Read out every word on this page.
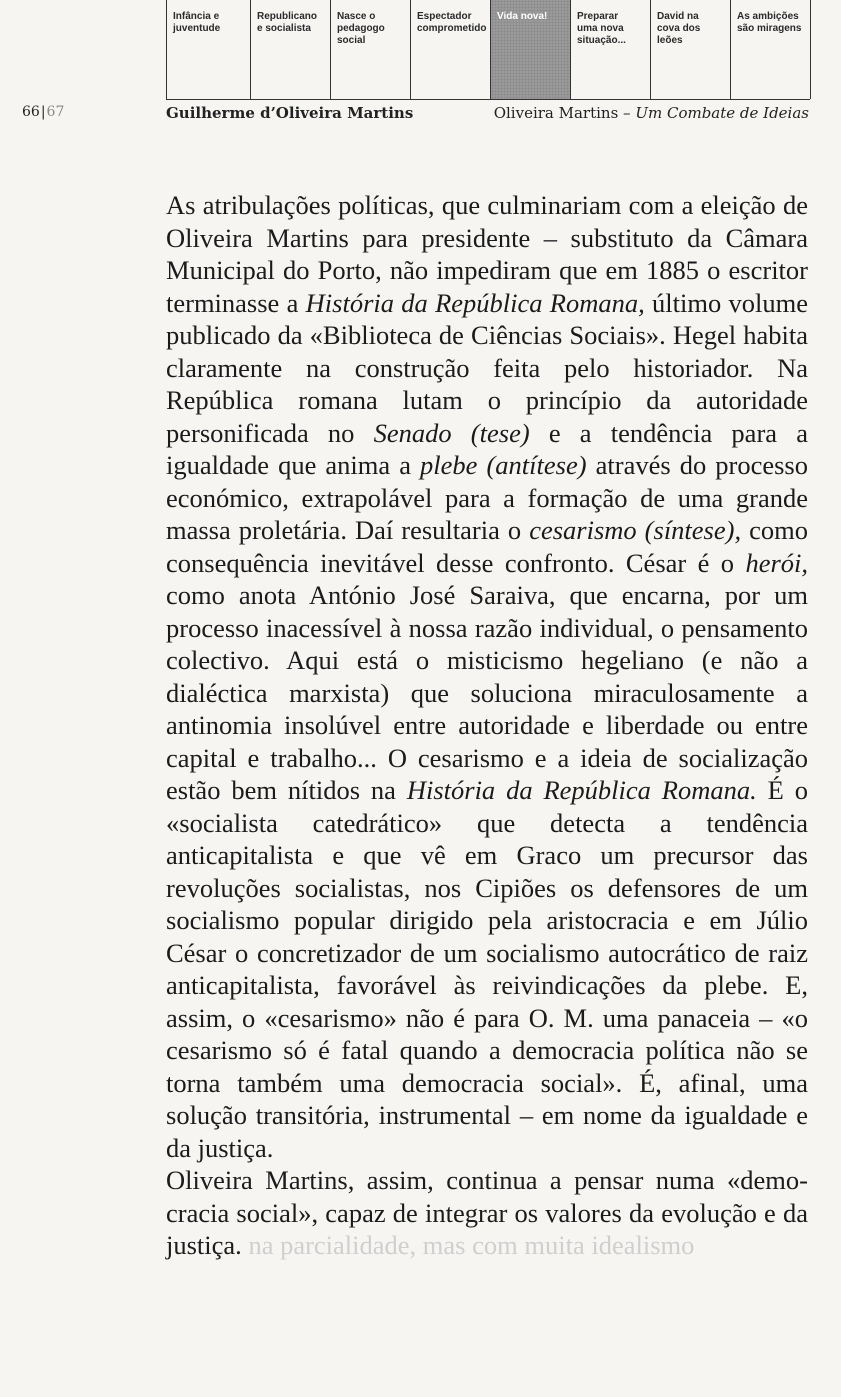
Infância e
juventude
Republicano
e socialista
Nasce o
pedagogo
social
Espectador
comprometido
Vida nova!	Preparar
uma nova
situação...
David na
cova dos
leões
As ambições
são miragens
66|67	Guilherme d’Oliveira Martins	Oliveira Martins – Um Combate de Ideias

As atribulações políticas, que culminariam com a eleição de Oliveira Martins para presidente – substituto da Câmara Municipal do Porto, não impediram que em 1885 o escritor terminasse a História da República Romana, último volume publicado da «Biblioteca de Ciências Sociais». Hegel habita claramente na construção feita pelo historiador. Na República romana lutam o princípio da autoridade personificada no Senado (tese) e a tendência para a igualdade que anima a plebe (antítese) através do processo económico, extrapolável para a formação de uma grande massa proletária. Daí resultaria o cesarismo (síntese), como consequência inevitável desse confronto. César é o herói, como anota António José Saraiva, que encarna, por um processo inacessível à nossa razão individual, o pensamento colectivo. Aqui está o misticismo hegeliano (e não a dialéctica marxista) que soluciona miraculosamente a antinomia insolúvel entre autoridade e liberdade ou entre capital e trabalho... O cesarismo e a ideia de socialização estão bem nítidos na História da República Romana. É o «socialista catedrático» que detecta a tendência anticapitalista e que vê em Graco um precursor das revoluções socialistas, nos Cipiões os defensores de um socialismo popular dirigido pela aristocracia e em Júlio César o concretizador de um socialismo autocrático de raiz anticapitalista, favorável às reivindicações da plebe. E, assim, o «cesarismo» não é para O. M. uma panaceia – «o cesarismo só é fatal quando a democracia política não se torna também uma democracia social». É, afinal, uma solução transitória, instrumental – em nome da igualdade e da justiça.

Oliveira Martins, assim, continua a pensar numa «democracia social», capaz de integrar os valores da evolução e da justiça. na parcialidade, mas com muita idealismo
